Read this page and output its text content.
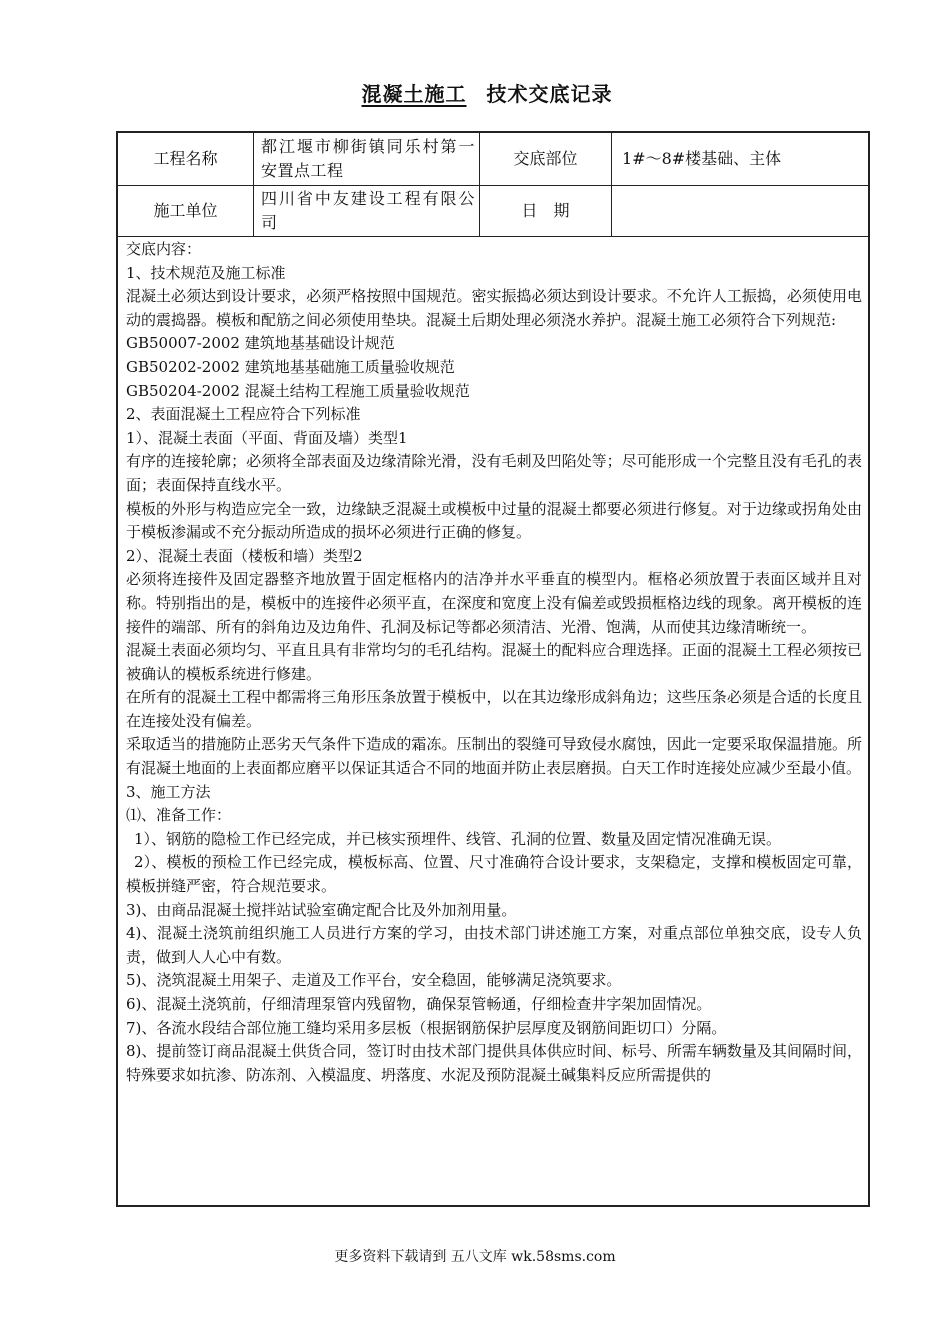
混凝土施工 技术交底记录
工程名称
都江堰市柳街镇同乐村第一安置点工程
交底部位	1#～8#楼基础、主体
施工单位
四川省中友建设工程有限公司
日　期

交底内容：

1、技术规范及施工标准

混凝土必须达到设计要求，必须严格按照中国规范。密实振捣必须达到设计要求。不允许人工振捣，必须使用电动的震捣器。模板和配筋之间必须使用垫块。混凝土后期处理必须浇水养护。混凝土施工必须符合下列规范:

GB50007-2002 建筑地基基础设计规范

GB50202-2002 建筑地基基础施工质量验收规范

GB50204-2002 混凝土结构工程施工质量验收规范

2、表面混凝土工程应符合下列标准

1）、混凝土表面（平面、背面及墙）类型1

有序的连接轮廓；必须将全部表面及边缘清除光滑，没有毛刺及凹陷处等；尽可能形成一个完整且没有毛孔的表面；表面保持直线水平。

模板的外形与构造应完全一致，边缘缺乏混凝土或模板中过量的混凝土都要必须进行修复。对于边缘或拐角处由于模板渗漏或不充分振动所造成的损坏必须进行正确的修复。

2）、混凝土表面（楼板和墙）类型2

必须将连接件及固定器整齐地放置于固定框格内的洁净并水平垂直的模型内。框格必须放置于表面区域并且对称。特别指出的是，模板中的连接件必须平直，在深度和宽度上没有偏差或毁损框格边线的现象。离开模板的连接件的端部、所有的斜角边及边角件、孔洞及标记等都必须清洁、光滑、饱满，从而使其边缘清晰统一。

混凝土表面必须均匀、平直且具有非常均匀的毛孔结构。混凝土的配料应合理选择。正面的混凝土工程必须按已被确认的模板系统进行修建。

在所有的混凝土工程中都需将三角形压条放置于模板中，以在其边缘形成斜角边；这些压条必须是合适的长度且在连接处没有偏差。

采取适当的措施防止恶劣天气条件下造成的霜冻。压制出的裂缝可导致侵水腐蚀，因此一定要采取保温措施。所有混凝土地面的上表面都应磨平以保证其适合不同的地面并防止表层磨损。白天工作时连接处应减少至最小值。

3、施工方法

⑴、准备工作：

1）、钢筋的隐检工作已经完成，并已核实预埋件、线管、孔洞的位置、数量及固定情况准确无误。

2）、模板的预检工作已经完成，模板标高、位置、尺寸准确符合设计要求，支架稳定，支撑和模板固定可靠，模板拼缝严密，符合规范要求。

3)、由商品混凝土搅拌站试验室确定配合比及外加剂用量。

4)、混凝土浇筑前组织施工人员进行方案的学习，由技术部门讲述施工方案，对重点部位单独交底，设专人负责，做到人人心中有数。

5)、浇筑混凝土用架子、走道及工作平台，安全稳固，能够满足浇筑要求。

6)、混凝土浇筑前，仔细清理泵管内残留物，确保泵管畅通，仔细检查井字架加固情况。

7)、各流水段结合部位施工缝均采用多层板（根据钢筋保护层厚度及钢筋间距切口）分隔。

8)、提前签订商品混凝土供货合同，签订时由技术部门提供具体供应时间、标号、所需车辆数量及其间隔时间，特殊要求如抗渗、防冻剂、入模温度、坍落度、水泥及预防混凝土碱集料反应所需提供的

更多资料下载请到 五八文库 wk.58sms.com
